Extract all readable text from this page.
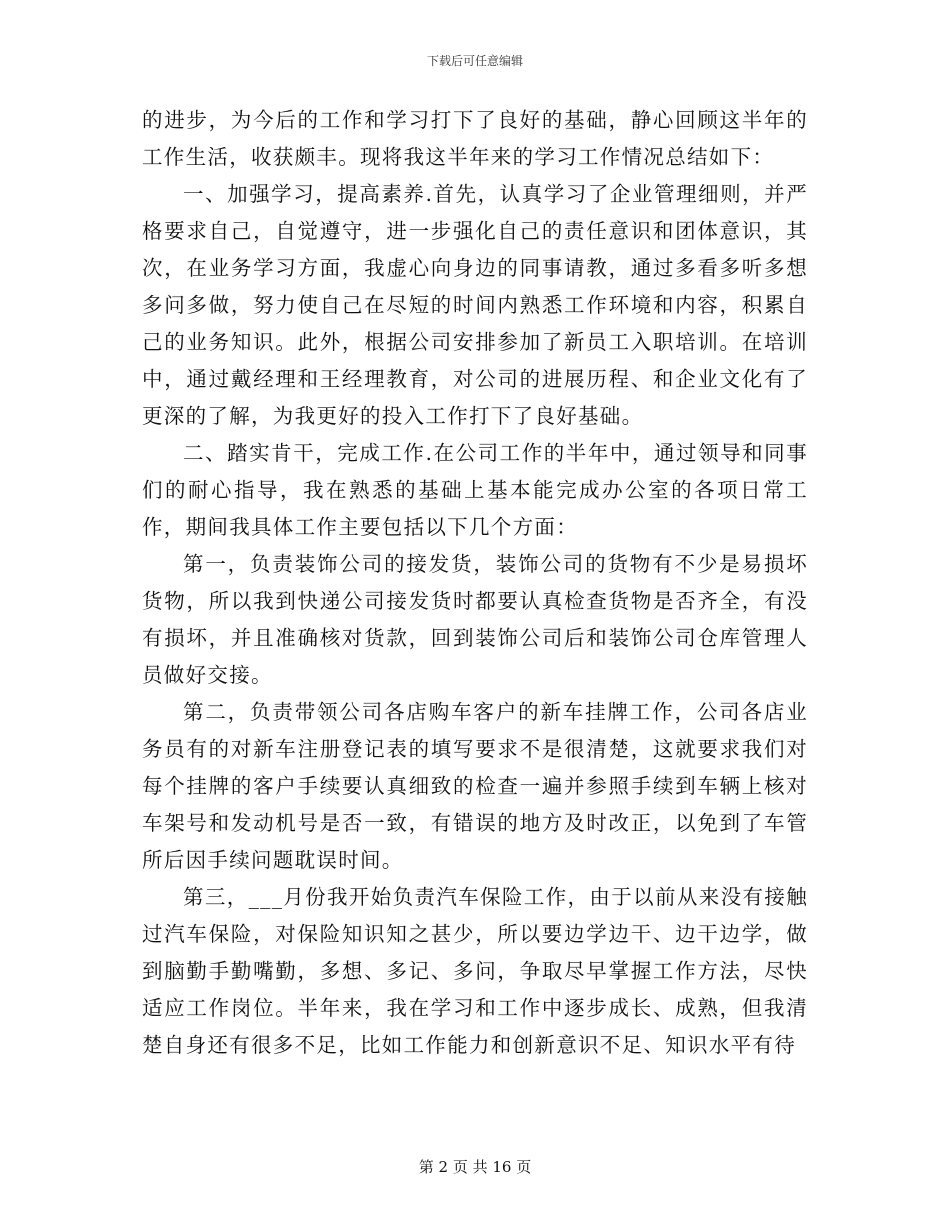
下载后可任意编辑

的进步，为今后的工作和学习打下了良好的基础，静心回顾这半年的工作生活，收获颇丰。现将我这半年来的学习工作情况总结如下：

一、加强学习，提高素养.首先，认真学习了企业管理细则，并严格要求自己，自觉遵守，进一步强化自己的责任意识和团体意识，其次，在业务学习方面，我虚心向身边的同事请教，通过多看多听多想多问多做，努力使自己在尽短的时间内熟悉工作环境和内容，积累自己的业务知识。此外，根据公司安排参加了新员工入职培训。在培训中，通过戴经理和王经理教育，对公司的进展历程、和企业文化有了更深的了解，为我更好的投入工作打下了良好基础。

二、踏实肯干，完成工作.在公司工作的半年中，通过领导和同事们的耐心指导，我在熟悉的基础上基本能完成办公室的各项日常工作，期间我具体工作主要包括以下几个方面：

第一，负责装饰公司的接发货，装饰公司的货物有不少是易损坏货物，所以我到快递公司接发货时都要认真检查货物是否齐全，有没有损坏，并且准确核对货款，回到装饰公司后和装饰公司仓库管理人员做好交接。

第二，负责带领公司各店购车客户的新车挂牌工作，公司各店业务员有的对新车注册登记表的填写要求不是很清楚，这就要求我们对每个挂牌的客户手续要认真细致的检查一遍并参照手续到车辆上核对车架号和发动机号是否一致，有错误的地方及时改正，以免到了车管所后因手续问题耽误时间。

第三，___月份我开始负责汽车保险工作，由于以前从来没有接触过汽车保险，对保险知识知之甚少，所以要边学边干、边干边学，做到脑勤手勤嘴勤，多想、多记、多问，争取尽早掌握工作方法，尽快适应工作岗位。半年来，我在学习和工作中逐步成长、成熟，但我清楚自身还有很多不足，比如工作能力和创新意识不足、知识水平有待

第 2 页 共 16 页
